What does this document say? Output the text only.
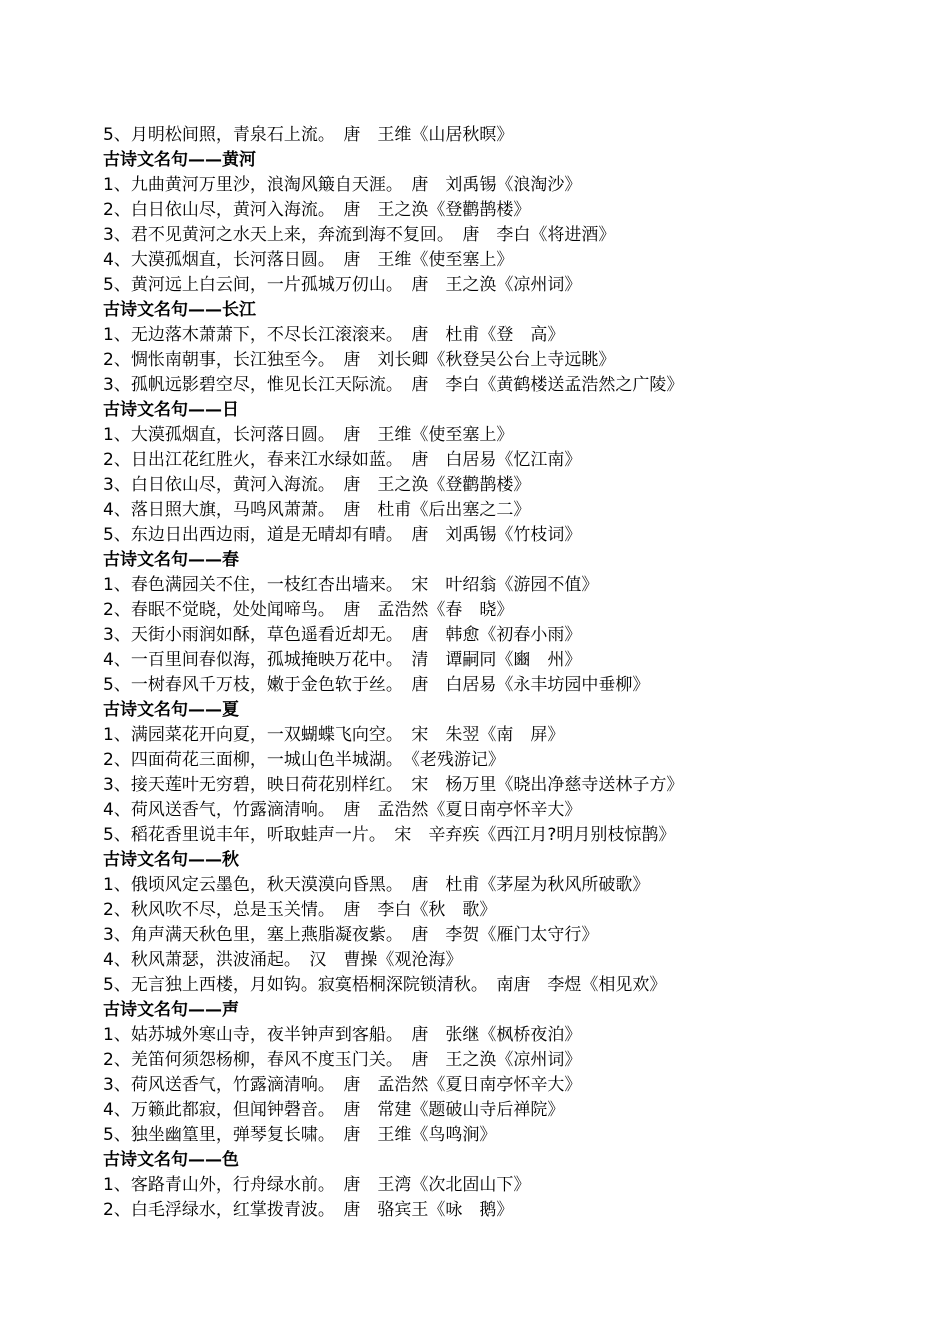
5、月明松间照，青泉石上流。　唐　王维《山居秋暝》
古诗文名句——黄河
1、九曲黄河万里沙，浪淘风簸自天涯。　唐　刘禹锡《浪淘沙》
2、白日依山尽，黄河入海流。　唐　王之涣《登鹳鹊楼》
3、君不见黄河之水天上来，奔流到海不复回。　唐　李白《将进酒》
4、大漠孤烟直，长河落日圆。　唐　王维《使至塞上》
5、黄河远上白云间，一片孤城万仞山。　唐　王之涣《凉州词》
古诗文名句——长江
1、无边落木萧萧下，不尽长江滚滚来。　唐　杜甫《登　高》
2、惆怅南朝事，长江独至今。　唐　刘长卿《秋登吴公台上寺远眺》
3、孤帆远影碧空尽，惟见长江天际流。　唐　李白《黄鹤楼送孟浩然之广陵》
古诗文名句——日
1、大漠孤烟直，长河落日圆。　唐　王维《使至塞上》
2、日出江花红胜火，春来江水绿如蓝。　唐　白居易《忆江南》
3、白日依山尽，黄河入海流。　唐　王之涣《登鹳鹊楼》
4、落日照大旗，马鸣风萧萧。　唐　杜甫《后出塞之二》
5、东边日出西边雨，道是无晴却有晴。　唐　刘禹锡《竹枝词》
古诗文名句——春
1、春色满园关不住，一枝红杏出墙来。　宋　叶绍翁《游园不值》
2、春眠不觉晓，处处闻啼鸟。　唐　孟浩然《春　晓》
3、天街小雨润如酥，草色遥看近却无。　唐　韩愈《初春小雨》
4、一百里间春似海，孤城掩映万花中。　清　谭嗣同《豳　州》
5、一树春风千万枝，嫩于金色软于丝。　唐　白居易《永丰坊园中垂柳》
古诗文名句——夏
1、满园菜花开向夏，一双蝴蝶飞向空。　宋　朱翌《南　屏》
2、四面荷花三面柳，一城山色半城湖。　《老残游记》
3、接天莲叶无穷碧，映日荷花别样红。　宋　杨万里《晓出净慈寺送林子方》
4、荷风送香气，竹露滴清响。　唐　孟浩然《夏日南亭怀辛大》
5、稻花香里说丰年，听取蛙声一片。　宋　辛弃疾《西江月?明月别枝惊鹊》
古诗文名句——秋
1、俄顷风定云墨色，秋天漠漠向昏黑。　唐　杜甫《茅屋为秋风所破歌》
2、秋风吹不尽，总是玉关情。　唐　李白《秋　歌》
3、角声满天秋色里，塞上燕脂凝夜紫。　唐　李贺《雁门太守行》
4、秋风萧瑟，洪波涌起。　汉　曹操《观沧海》
5、无言独上西楼，月如钩。寂寞梧桐深院锁清秋。　南唐　李煜《相见欢》
古诗文名句——声
1、姑苏城外寒山寺，夜半钟声到客船。　唐　张继《枫桥夜泊》
2、羌笛何须怨杨柳，春风不度玉门关。　唐　王之涣《凉州词》
3、荷风送香气，竹露滴清响。　唐　孟浩然《夏日南亭怀辛大》
4、万籁此都寂，但闻钟磬音。　唐　常建《题破山寺后禅院》
5、独坐幽篁里，弹琴复长啸。　唐　王维《鸟鸣涧》
古诗文名句——色
1、客路青山外，行舟绿水前。　唐　王湾《次北固山下》
2、白毛浮绿水，红掌拨青波。　唐　骆宾王《咏　鹅》
